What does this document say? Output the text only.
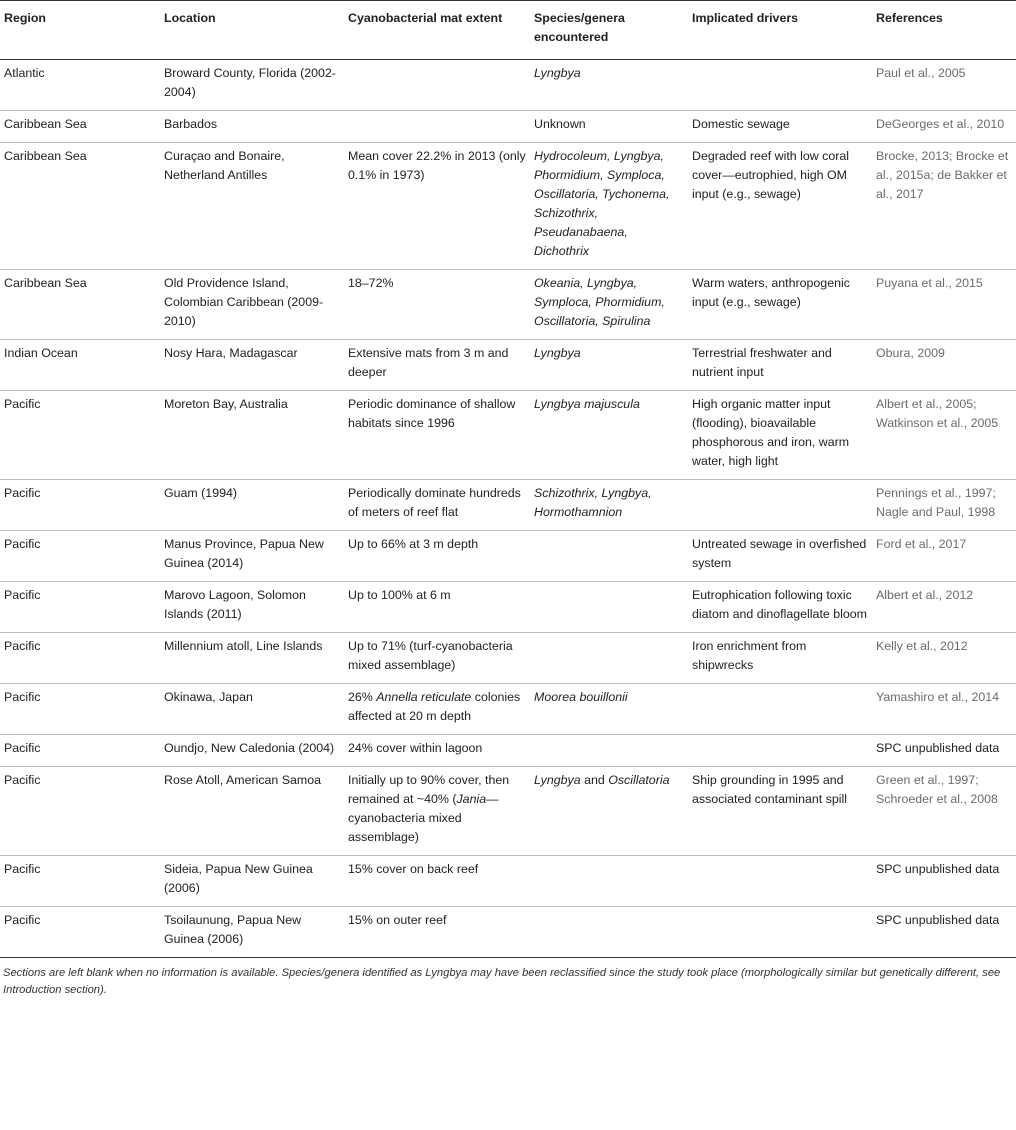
Region	Location	Cyanobacterial mat extent	Species/genera encountered	Implicated drivers	References
Atlantic	Broward County, Florida (2002-2004)		Lyngbya		Paul et al., 2005
Caribbean Sea	Barbados		Unknown	Domestic sewage	DeGeorges et al., 2010
Caribbean Sea	Curaçao and Bonaire, Netherland Antilles	Mean cover 22.2% in 2013 (only 0.1% in 1973)	Hydrocoleum, Lyngbya, Phormidium, Symploca, Oscillatoria, Tychonema, Schizothrix, Pseudanabaena, Dichothrix	Degraded reef with low coral cover—eutrophied, high OM input (e.g., sewage)	Brocke, 2013; Brocke et al., 2015a; de Bakker et al., 2017
Caribbean Sea	Old Providence Island, Colombian Caribbean (2009-2010)	18–72%	Okeania, Lyngbya, Symploca, Phormidium, Oscillatoria, Spirulina	Warm waters, anthropogenic input (e.g., sewage)	Puyana et al., 2015
Indian Ocean	Nosy Hara, Madagascar	Extensive mats from 3 m and deeper	Lyngbya	Terrestrial freshwater and nutrient input	Obura, 2009
Pacific	Moreton Bay, Australia	Periodic dominance of shallow habitats since 1996	Lyngbya majuscula	High organic matter input (flooding), bioavailable phosphorous and iron, warm water, high light	Albert et al., 2005; Watkinson et al., 2005
Pacific	Guam (1994)	Periodically dominate hundreds of meters of reef flat	Schizothrix, Lyngbya, Hormothamnion		Pennings et al., 1997; Nagle and Paul, 1998
Pacific	Manus Province, Papua New Guinea (2014)	Up to 66% at 3 m depth		Untreated sewage in overfished system	Ford et al., 2017
Pacific	Marovo Lagoon, Solomon Islands (2011)	Up to 100% at 6 m		Eutrophication following toxic diatom and dinoflagellate bloom	Albert et al., 2012
Pacific	Millennium atoll, Line Islands	Up to 71% (turf-cyanobacteria mixed assemblage)		Iron enrichment from shipwrecks	Kelly et al., 2012
Pacific	Okinawa, Japan	26% Annella reticulate colonies affected at 20 m depth	Moorea bouillonii		Yamashiro et al., 2014
Pacific	Oundjo, New Caledonia (2004)	24% cover within lagoon			SPC unpublished data
Pacific	Rose Atoll, American Samoa	Initially up to 90% cover, then remained at ~40% (Jania—cyanobacteria mixed assemblage)	Lyngbya and Oscillatoria	Ship grounding in 1995 and associated contaminant spill	Green et al., 1997; Schroeder et al., 2008
Pacific	Sideia, Papua New Guinea (2006)	15% cover on back reef			SPC unpublished data
Pacific	Tsoilaunung, Papua New Guinea (2006)	15% on outer reef			SPC unpublished data
Sections are left blank when no information is available. Species/genera identified as Lyngbya may have been reclassified since the study took place (morphologically similar but genetically different, see Introduction section).
